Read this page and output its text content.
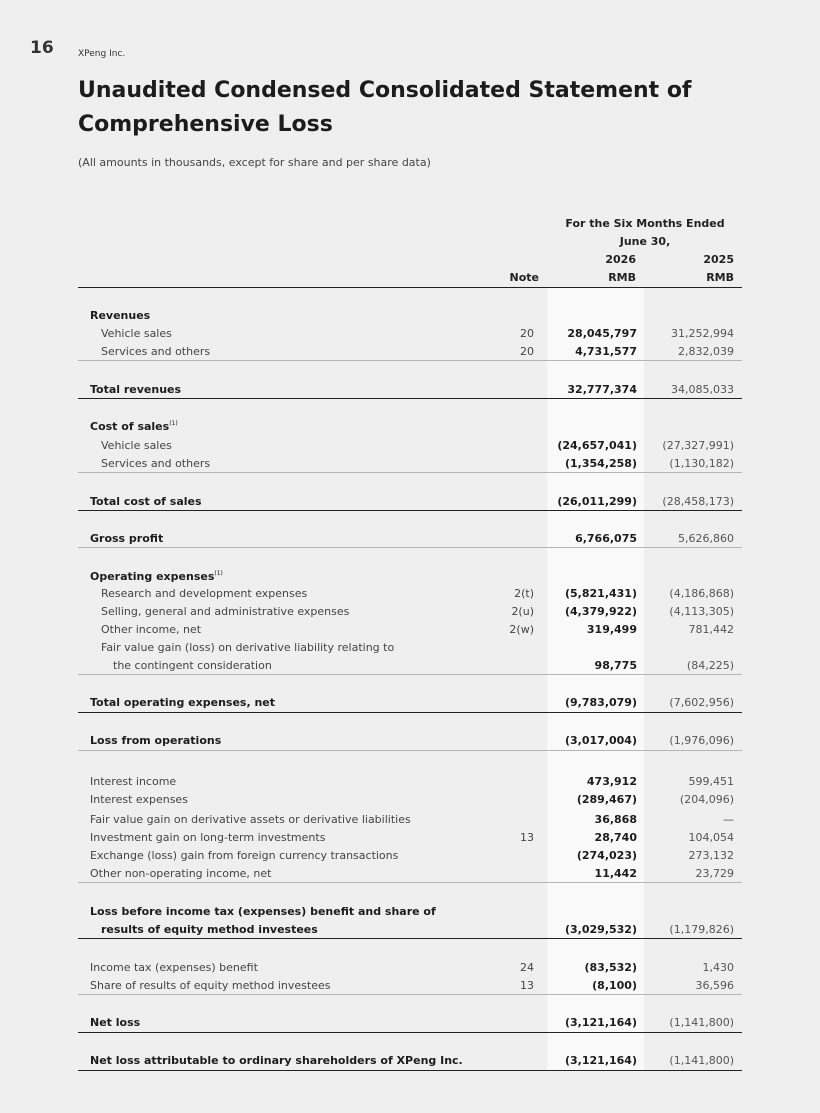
16	XPeng Inc.
Unaudited Condensed Consolidated Statement of Comprehensive Loss
(All amounts in thousands, except for share and per share data)
For the Six Months Ended
June 30,
2026	2025
Note	RMB	RMB
Revenues
Vehicle sales	20	28,045,797	31,252,994
Services and others	20	4,731,577	2,832,039
Total revenues	32,777,374	34,085,033
Cost of sales$^{(1)}$
Vehicle sales	(24,657,041) (27,327,991)
Services and others	(1,354,258)	(1,130,182)
Total cost of sales	(26,011,299) (28,458,173)
Gross profit	6,766,075	5,626,860
Operating expenses$^{(1)}$
Research and development expenses	2(t)	(5,821,431)	(4,186,868)
Selling, general and administrative expenses	2(u)	(4,379,922)	(4,113,305)
Other income, net	2(w)	319,499	781,442
Fair value gain (loss) on derivative liability relating to
the contingent consideration	98,775	(84,225)
Total operating expenses, net	(9,783,079)	(7,602,956)
Loss from operations	(3,017,004)	(1,976,096)
Interest income	473,912	599,451
Interest expenses	(289,467)	(204,096)
Fair value gain on derivative assets or derivative liabilities	36,868	—
Investment gain on long-term investments	13	28,740	104,054
Exchange (loss) gain from foreign currency transactions	(274,023)	273,132
Other non-operating income, net	11,442	23,729
Loss before income tax (expenses) benefit and share of
results of equity method investees	(3,029,532)	(1,179,826)
Income tax (expenses) benefit	24	(83,532)	1,430
Share of results of equity method investees	13	(8,100)	36,596
Net loss	(3,121,164)	(1,141,800)
Net loss attributable to ordinary shareholders of XPeng Inc.	(3,121,164)	(1,141,800)
